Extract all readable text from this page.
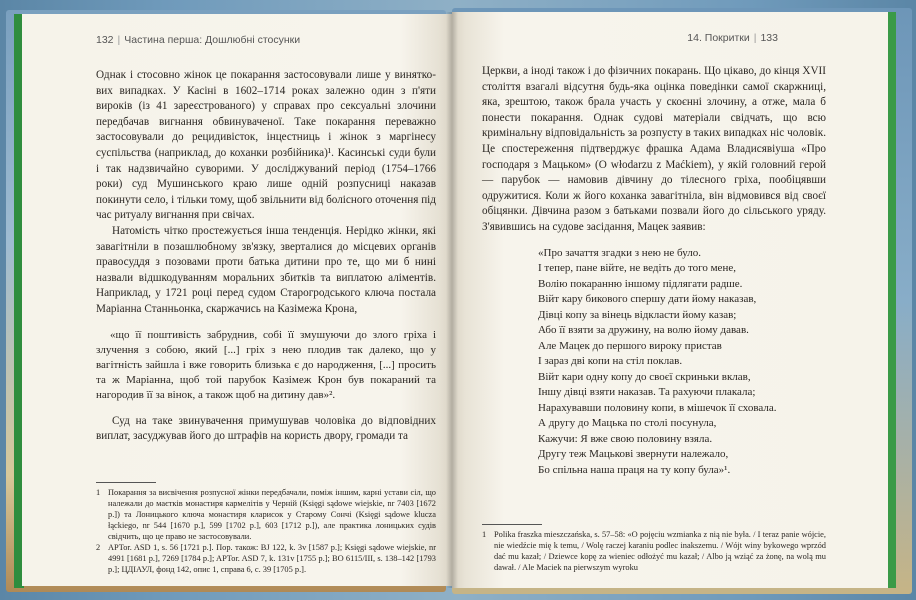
132 | Частина перша: Дошлюбні стосунки

Однак і стосовно жінок це покарання застосовували лише у виняткових випадках. У Касіні в 1602–1714 роках залежно один з п'яти вироків (із 41 зареєстрованого) у справах про сексуальні злочини передбачав вигнання обвинуваченої. Таке покарання переважно застосовували до рецидивісток, інцестниць і жінок з маргінесу суспільства (наприклад, до коханки розбійника)¹. Касинські суди були і так надзвичайно суворими. У досліджуваний період (1754–1766 роки) суд Мушинського краю лише одній розпусниці наказав покинути село, і тільки тому, щоб звільнити від болісного оточення під час ритуалу вигнання при свічах.

Натомість чітко простежується інша тенденція. Нерідко жінки, які завагітніли в позашлюбному зв'язку, зверталися до місцевих органів правосуддя з позовами проти батька дитини про те, що ми б нині назвали відшкодуванням моральних збитків та виплатою аліментів. Наприклад, у 1721 році перед судом Старогродського ключа постала Маріанна Станньонка, скаржачись на Казімежа Крона,

«що її поштивість забруднив, собі її змушуючи до злого гріха і злучення з собою, який [...] гріх з нею плодив так далеко, що у вагітність зайшла і вже говорить близька є до народження, [...] просить та ж Маріанна, щоб той парубок Казімеж Крон був покараний та нагородив її за вінок, а також щоб на дитину дав»².

Суд на таке звинувачення примушував чоловіка до відповідних виплат, засуджував його до штрафів на користь двору, громади та

1 Покарання за висвічення розпусної жінки передбачали, поміж іншим, карні устави сіл, що належали до маєтків монастиря кармелітів у Черній (Księgi sądowe wiejskie, nr 7403 [1672 р.]) та Лоницького ключа монастиря кларисок у Старому Сончі (Księgi sądowe klucza łąckiego, nr 544 [1670 р.], 599 [1702 р.], 603 [1712 р.]), але практика лоницьких судів свідчить, що це право не застосовували.

2 APTor. ASD 1, s. 56 [1721 р.]. Пор. також: BJ 122, k. 3v [1587 р.]; Księgi sądowe wiejskie, nr 4991 [1681 р.], 7269 [1784 р.]; APTor. ASD 7, k. 131v [1755 р.]; BO 6115/III, s. 138–142 [1793 р.]; ЦДІАУЛ, фонд 142, опис 1, справа 6, с. 39 [1705 р.].

14. Покритки | 133

Церкви, а іноді також і до фізичних покарань. Що цікаво, до кінця XVII століття взагалі відсутня будь-яка оцінка поведінки самої скаржниці, яка, зрештою, також брала участь у скоєнні злочину, а отже, мала б понести покарання. Однак судові матеріали свідчать, що всю кримінальну відповідальність за розпусту в таких випадках ніс чоловік. Це спостереження підтверджує фрашка Адама Владисявіуша «Про господаря з Мацьком» (O włodarzu z Maćkiem), у якій головний герой — парубок — намовив дівчину до тілесного гріха, пообіцявши одружитися. Коли ж його коханка завагітніла, він відмовився від своєї обіцянки. Дівчина разом з батьками позвали його до сільського уряду. З'явившись на судове засідання, Мацек заявив:

«Про зачаття згадки з нею не було.
І тепер, пане війте, не ведіть до того мене,
Волію покаранню іншому підлягати радше.
Війт кару бикового спершу дати йому наказав,
Дівці копу за вінець відкласти йому казав;
Або її взяти за дружину, на волю йому давав.
Але Мацек до першого вироку пристав
І зараз дві копи на стіл поклав.
Війт кари одну копу до своєї скриньки вклав,
Іншу дівці взяти наказав. Та рахуючи плакала;
Нарахувавши половину копи, в мішечок її сховала.
А другу до Мацька по столі посунула,
Кажучи: Я вже свою половину взяла.
Другу теж Мацькові звернути належало,
Бо спільна наша праця на ту копу була»¹.

1 Polika fraszka mieszczańska, s. 57–58: «O pojęciu wzmianka z nią nie była. / I teraz panie wójcie, nie wiedźcie mię k temu, / Wolę raczej karaniu podlec inakszemu. / Wójt winy bykowego wprzód dać mu kazał; / Dziewce kopę za wieniec odłożyć mu kazał; / Albo ją wziąć za żonę, na wolą mu dawał. / Ale Maciek na pierwszym wyroku
